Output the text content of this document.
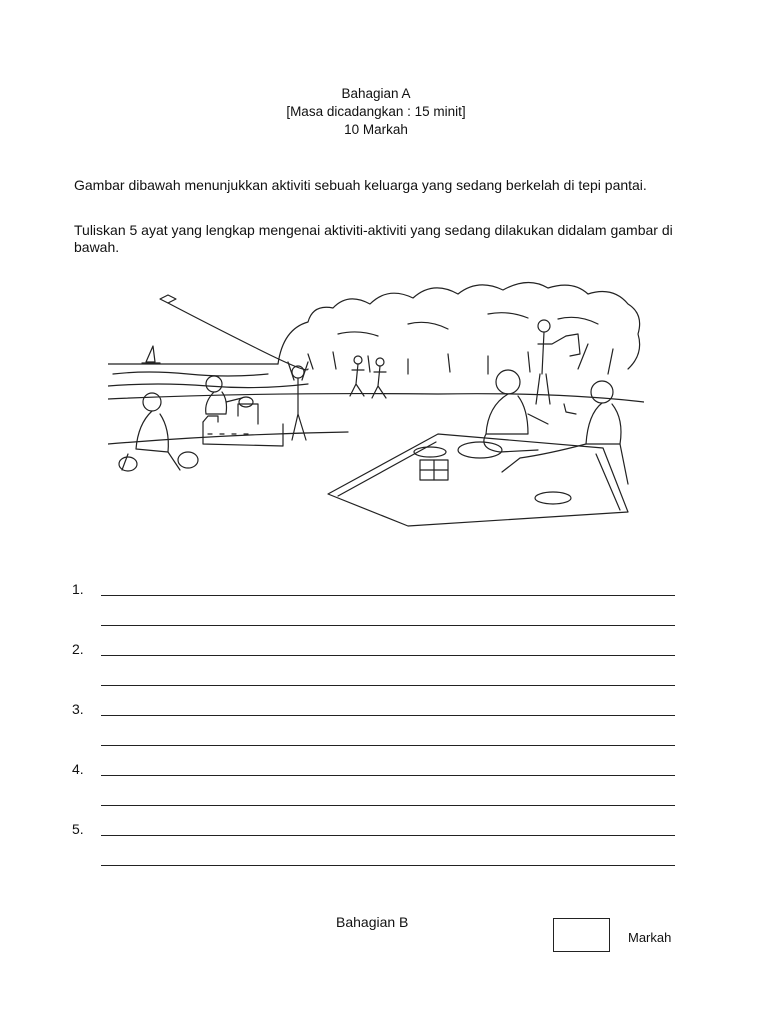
Bahagian A
[Masa dicadangkan : 15 minit]
10 Markah
Gambar dibawah menunjukkan aktiviti sebuah keluarga yang sedang berkelah di tepi pantai.
Tuliskan 5 ayat yang lengkap mengenai aktiviti-aktiviti yang sedang dilakukan didalam gambar di bawah.
1.
2.
3.
4.
5.
Bahagian B
Markah
